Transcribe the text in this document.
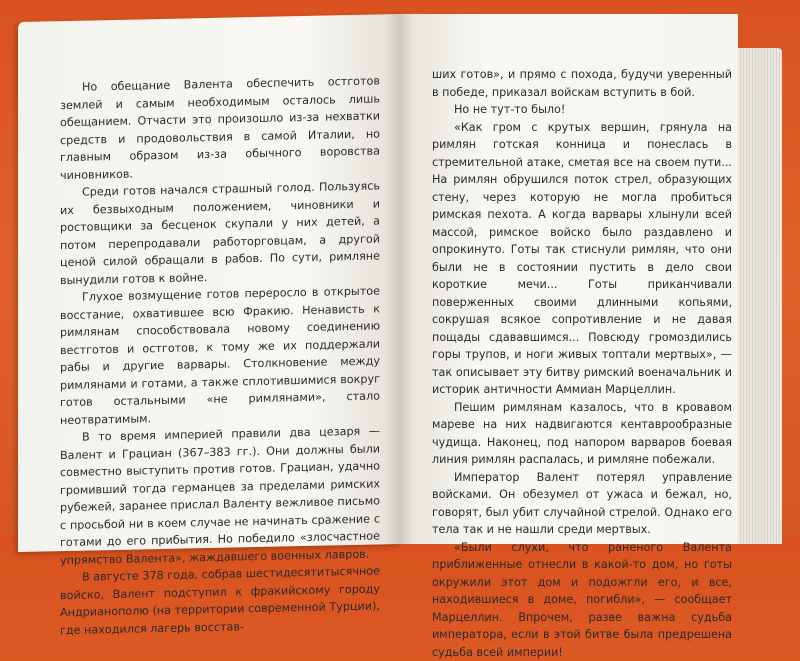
Но обещание Валента обеспечить остготов землей и самым необходимым осталось лишь обещанием. Отчасти это произошло из-за нехватки средств и продовольствия в самой Италии, но главным образом из-за обычного воровства чиновников.

Среди готов начался страшный голод. Пользуясь их безвыходным положением, чиновники и ростовщики за бесценок скупали у них детей, а потом перепродавали работорговцам, а другой ценой силой обращали в рабов. По сути, римляне вынудили готов к войне.

Глухое возмущение готов переросло в открытое восстание, охватившее всю Фракию. Ненависть к римлянам способствовала новому соединению вестготов и остготов, к тому же их поддержали рабы и другие варвары. Столкновение между римлянами и готами, а также сплотившимися вокруг готов остальными «не римлянами», стало неотвратимым.

В то время империей правили два цезаря — Валент и Грациан (367–383 гг.). Они должны были совместно выступить против готов. Грациан, удачно громивший тогда германцев за пределами римских рубежей, заранее прислал Валенту вежливое письмо с просьбой ни в коем случае не начинать сражение с готами до его прибытия. Но победило «злосчастное упрямство Валента», жаждавшего военных лавров.

В августе 378 года, собрав шестидесятитысячное войско, Валент подступил к фракийскому городу Андрианополю (на территории современной Турции), где находился лагерь восстав-

ших готов», и прямо с похода, будучи уверенный в победе, приказал войскам вступить в бой.

Но не тут-то было!

«Как гром с крутых вершин, грянула на римлян готская конница и понеслась в стремительной атаке, сметая все на своем пути... На римлян обрушился поток стрел, образующих стену, через которую не могла пробиться римская пехота. А когда варвары хлынули всей массой, римское войско было раздавлено и опрокинуто. Готы так стиснули римлян, что они были не в состоянии пустить в дело свои короткие мечи... Готы приканчивали поверженных своими длинными копьями, сокрушая всякое сопротивление и не давая пощады сдававшимся... Повсюду громоздились горы трупов, и ноги живых топтали мертвых», — так описывает эту битву римский военачальник и историк античности Аммиан Марцеллин.

Пешим римлянам казалось, что в кровавом мареве на них надвигаются кентаврообразные чудища. Наконец, под напором варваров боевая линия римлян распалась, и римляне побежали.

Император Валент потерял управление войсками. Он обезумел от ужаса и бежал, но, говорят, был убит случайной стрелой. Однако его тела так и не нашли среди мертвых.

«Были слухи, что раненого Валента приближенные отнесли в какой-то дом, но готы окружили этот дом и подожгли его, и все, находившиеся в доме, погибли», — сообщает Марцеллин. Впрочем, разве важна судьба императора, если в этой битве была предрешена судьба всей империи!
